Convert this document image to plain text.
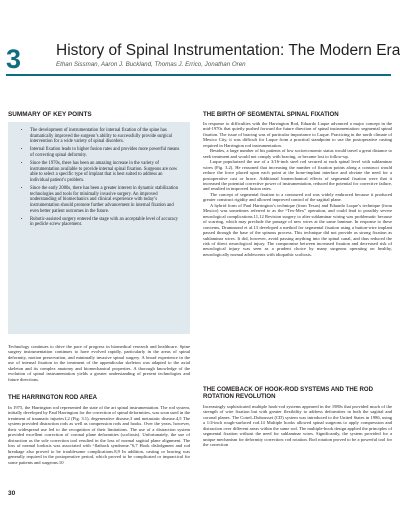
3 History of Spinal Instrumentation: The Modern Era
Ethan Sissman, Aaron J. Buckland, Thomas J. Errico, Jonathan Oren
SUMMARY OF KEY POINTS
• The development of instrumentation for internal fixation of the spine has dramatically improved the surgeon’s ability to successfully provide surgical intervention for a wide variety of spinal disorders.
• Internal fixation leads to higher fusion rates and provides more powerful means of correcting spinal deformity.
• Since the 1970s, there has been an amazing increase in the variety of instrumentation available to provide internal spinal fixation. Surgeons are now able to select a specific type of implant that is best suited to address an individual patient’s problem.
• Since the early 2000s, there has been a greater interest in dynamic stabilization technologies and tools for minimally invasive surgery. An improved understanding of biomechanics and clinical experience with today’s instrumentation should promote further advancement in internal fixation and even better patient outcomes in the future.
• Robotic-assisted surgery entered the stage with an acceptable level of accuracy in pedicle screw placement.
Technology continues to drive the pace of progress in biomedical research and healthcare. Spine surgery instrumentation continues to have evolved rapidly, particularly in the areas of spinal deformity, motion preservation, and minimally invasive spinal surgery. A broad experience in the use of internal fixation in the treatment of the appendicular skeleton was adapted to the axial skeleton and its complex anatomy and biomechanical properties. A thorough knowledge of the evolution of spinal instrumentation yields a greater understanding of present technologies and future directions.
THE HARRINGTON ROD AREA
In 1975, the Harrington rod represented the state of the art spinal instrumentation. The rod system, initially developed by Paul Harrington for the correction of spinal deformities, was soon used in the treatment of traumatic injuries1,2 (Fig. 3.1), degenerative disease,3 and metastatic disease.4,5 The system provided distraction rods as well as compression rods and hooks. Over the years, however, their widespread use led to the recognition of their limitations. The use of a distraction system provided excellent correction of coronal plane deformities (scoliosis). Unfortunately, the use of distraction as the sole correction tool resulted in the loss of normal sagittal plane alignment. The loss of normal lordosis was associated with “flatback syndrome.”6,7 Hook dislodgment and rod breakage also proved to be troublesome complications.8,9 In addition, casting or bracing was generally required in the postoperative period, which proved to be complicated or impractical for some patients and surgeons.10
THE BIRTH OF SEGMENTAL SPINAL FIXATION

In response to difficulties with the Harrington Rod, Eduardo Luque advanced a major concept in the mid-1970s that quietly pushed forward the future direction of spinal instrumentation: segmental spinal fixation. The issue of bracing was of particular importance to Luque. Practicing in the north climate of Mexico City, it was difficult for Luque from a practical standpoint to use the postoperative casting required in Harrington rod instrumentation.

Besides, a large number of his patients of low socioeconomic status would travel a great distance to seek treatment and would not comply with bracing, or became lost to follow-up.

Luque popularized the use of a 3/16-inch steel rod secured at each spinal level with sublaminar wires (Fig. 3.2). He reasoned that increasing the number of fixation points along a construct would reduce the force placed upon each point at the bone-implant interface and obviate the need for a postoperative cast or brace. Additional biomechanical effects of segmental fixation were that it increased the potential corrective power of instrumentation, reduced the potential for corrective failure, and resulted in improved fusion rates.

The concept of segmental fixation to a contoured rod was widely embraced because it produced greater construct rigidity and allowed improved control of the sagittal plane.

A hybrid form of Paul Harrington’s technique (from Texas) and Eduardo Luque’s technique (from Mexico) was sometimes referred to as the “Tex-Mex” operation, and could lead to possibly severe neurological complications.11,12 Revision surgery to alter sublaminar wiring was problematic because of scarring, which may preclude the passage of new wires at the same laminae. In response to these concerns, Drummond et al.13 developed a method for segmental fixation using a button-wire implant passed through the base of the spinous process. This technique did not provide as strong fixation as sublaminar wires. It did, however, avoid passing anything into the spinal canal, and thus reduced the risk of direct neurological injury. The compromise between increased fixation and decreased risk of neurological injury was seen as a prudent choice by many surgeons operating on healthy, neurologically normal adolescents with idiopathic scoliosis.

THE COMEBACK OF HOOK-ROD SYSTEMS AND THE ROD ROTATION REVOLUTION
Increasingly sophisticated multiple hook-rod systems appeared in the 1980s that provided much of the strength of wire fixation but with greater flexibility to address deformities in both the sagittal and coronal planes. The Cotrel–Dubousset (CD) system was introduced to the United States in 1986, using a 1/4-inch rough-surfaced rod.14 Multiple hooks allowed spinal surgeons to apply compression and distraction over different areas within the same rod. The multiple-hook design applied the principles of segmental fixation without the need for sublaminar wires. Significantly, the system provided for a unique mechanism for deformity correction: rod rotation. Rod rotation proved to be a powerful tool for the correction
30
